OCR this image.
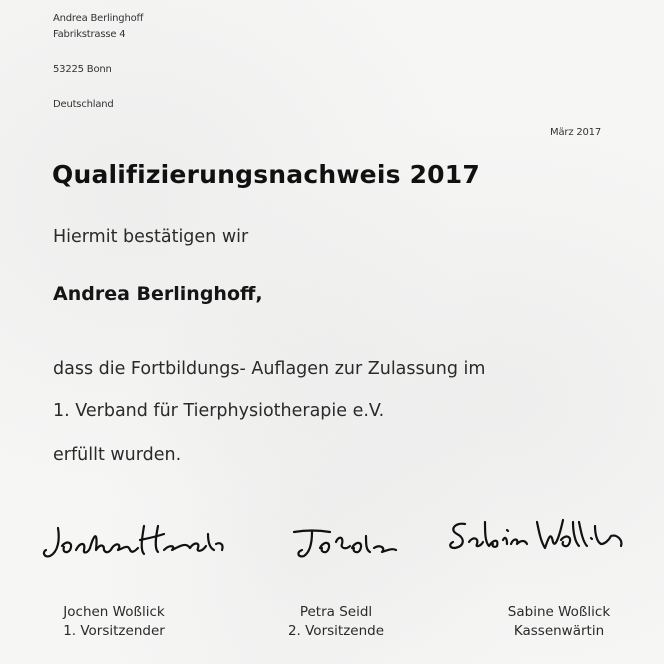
Andrea Berlinghoff
Fabrikstrasse 4
53225 Bonn
Deutschland
März 2017
Qualifizierungsnachweis 2017
Hiermit bestätigen wir
Andrea Berlinghoff,
dass die Fortbildungs- Auflagen zur Zulassung im
1. Verband für Tierphysiotherapie e.V.
erfüllt wurden.
Jochen Woßlick
1. Vorsitzender
Petra Seidl
2. Vorsitzende
Sabine Woßlick
Kassenwärtin
